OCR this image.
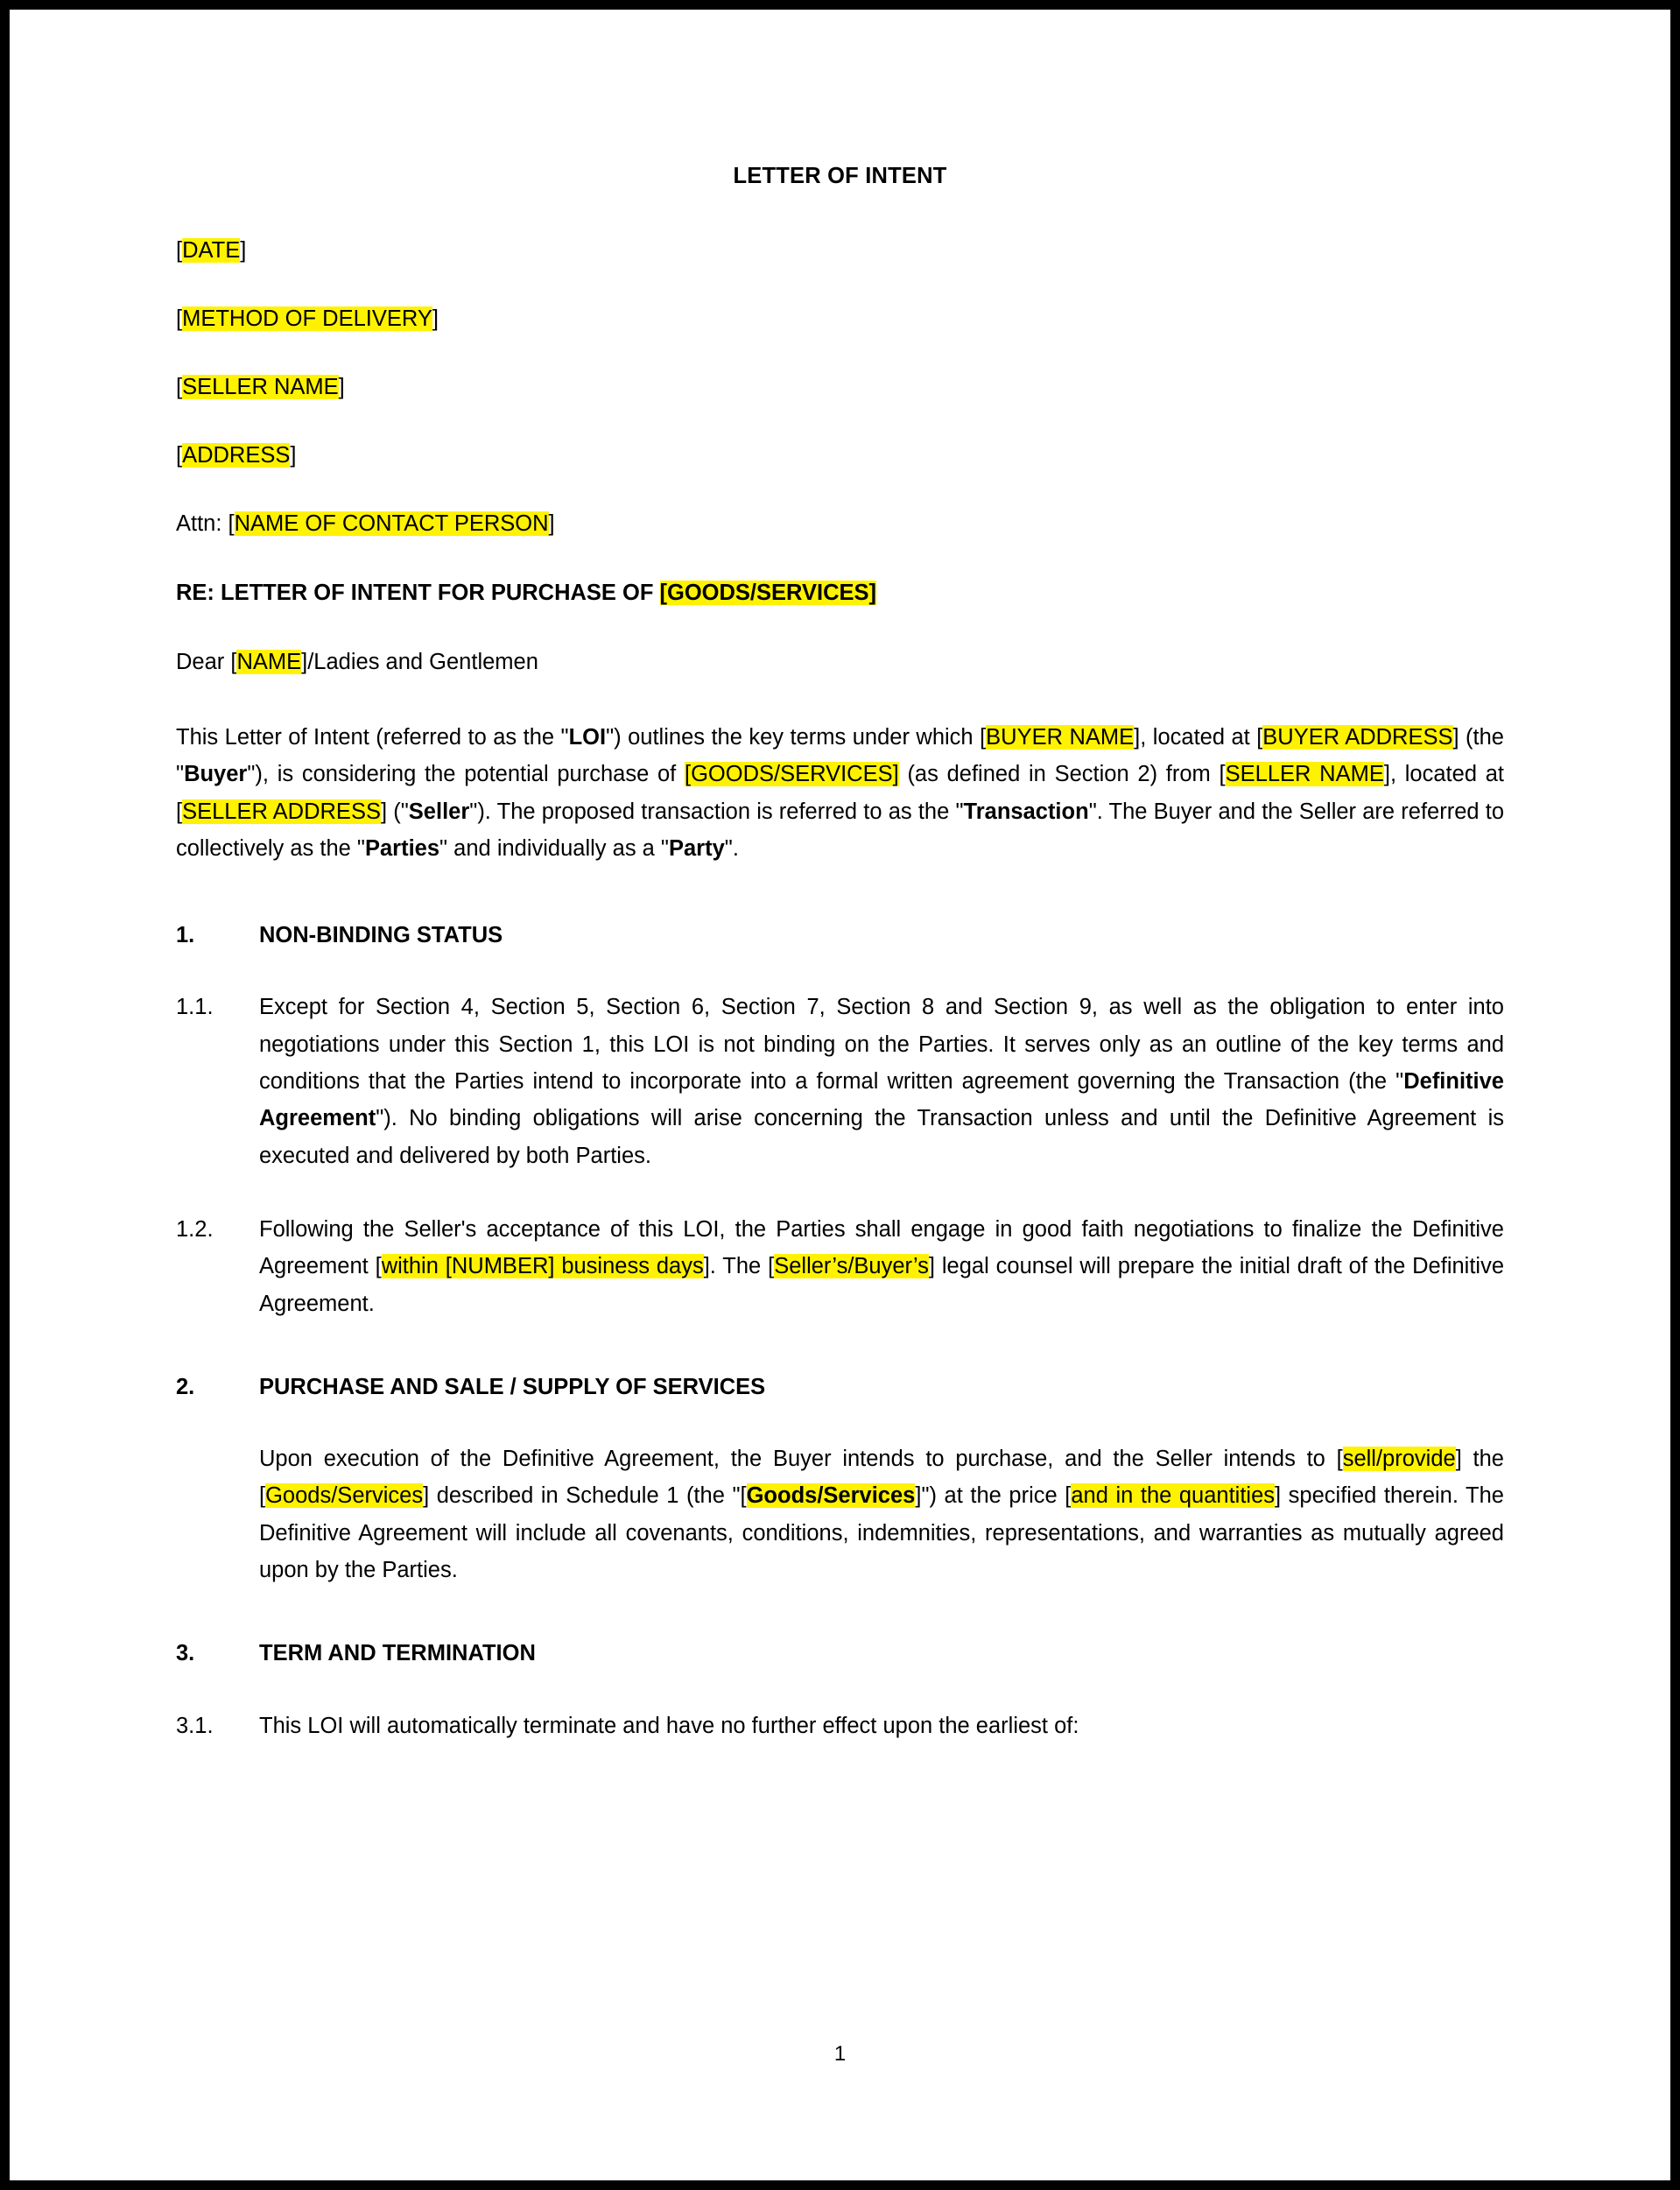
LETTER OF INTENT
[DATE]
[METHOD OF DELIVERY]
[SELLER NAME]
[ADDRESS]
Attn: [NAME OF CONTACT PERSON]
RE: LETTER OF INTENT FOR PURCHASE OF [GOODS/SERVICES]
Dear [NAME]/Ladies and Gentlemen
This Letter of Intent (referred to as the "LOI") outlines the key terms under which [BUYER NAME], located at [BUYER ADDRESS] (the "Buyer"), is considering the potential purchase of [GOODS/SERVICES] (as defined in Section 2) from [SELLER NAME], located at [SELLER ADDRESS] ("Seller"). The proposed transaction is referred to as the "Transaction". The Buyer and the Seller are referred to collectively as the "Parties" and individually as a "Party".
1.	NON-BINDING STATUS
1.1.	Except for Section 4, Section 5, Section 6, Section 7, Section 8 and Section 9, as well as the obligation to enter into negotiations under this Section 1, this LOI is not binding on the Parties. It serves only as an outline of the key terms and conditions that the Parties intend to incorporate into a formal written agreement governing the Transaction (the "Definitive Agreement"). No binding obligations will arise concerning the Transaction unless and until the Definitive Agreement is executed and delivered by both Parties.
1.2.	Following the Seller's acceptance of this LOI, the Parties shall engage in good faith negotiations to finalize the Definitive Agreement [within [NUMBER] business days]. The [Seller’s/Buyer’s] legal counsel will prepare the initial draft of the Definitive Agreement.
2.	PURCHASE AND SALE / SUPPLY OF SERVICES
Upon execution of the Definitive Agreement, the Buyer intends to purchase, and the Seller intends to [sell/provide] the [Goods/Services] described in Schedule 1 (the "[Goods/Services]") at the price [and in the quantities] specified therein. The Definitive Agreement will include all covenants, conditions, indemnities, representations, and warranties as mutually agreed upon by the Parties.
3.	TERM AND TERMINATION
3.1.	This LOI will automatically terminate and have no further effect upon the earliest of:
1
